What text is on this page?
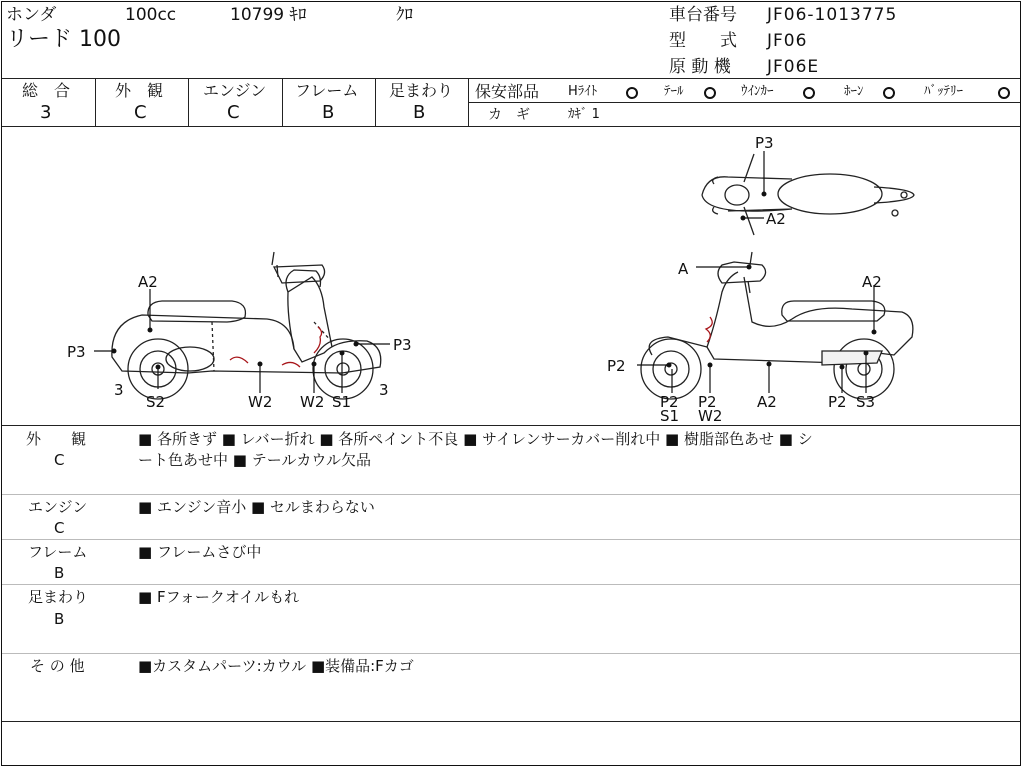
ホンダ	100cc	10799 ｷﾛ	ｸﾛ
リード 100
車台番号 JF06-1013775
型　　式 JF06
原 動 機 JF06E
総　合
3
外　観
C
エンジン
C
フレーム
B
足まわり
B
保安部品 Hﾗｲﾄ	ﾃｰﾙ	ｳｲﾝｶｰ	ﾎｰﾝ	ﾊﾞｯﾃﾘｰ
カ　ギ	ｶｷﾞ 1
A2
P3	P3
3	3
S2	W2 W2 S1
P3
A2
A
A2
P2
P2 P2	P2
S1 W2
A2	S3
外　　観
C
■ 各所きず ■ レバー折れ ■ 各所ペイント不良 ■ サイレンサーカバー削れ中 ■ 樹脂部色あせ ■ シ
ート色あせ中 ■ テールカウル欠品
エンジン
C
■ エンジン音小 ■ セルまわらない
フレーム
B
■ フレームさび中
足まわり
B
■ Fフォークオイルもれ
そ の 他	■カスタムパーツ:カウル ■装備品:Fカゴ
